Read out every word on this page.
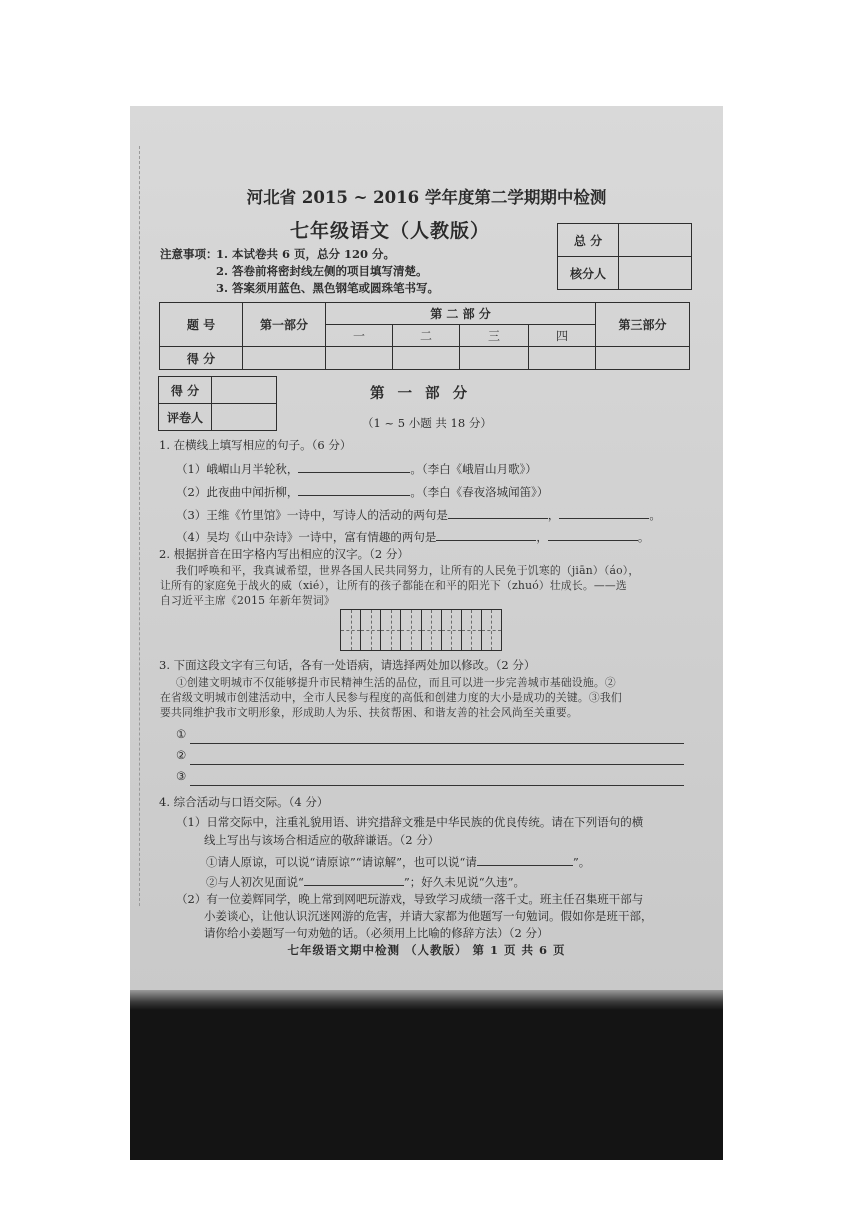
河北省 2015 ~ 2016 学年度第二学期期中检测
七年级语文（人教版）
注意事项：1. 本试卷共 6 页，总分 120 分。
2. 答卷前将密封线左侧的项目填写清楚。
3. 答案须用蓝色、黑色钢笔或圆珠笔书写。
总 分	
核分人	
题 号	第一部分	第 二 部 分				第三部分
		一	二	三	四	
得 分						
得 分	
评卷人	
第 一 部 分
（1 ~ 5 小题 共 18 分）
1. 在横线上填写相应的句子。（6 分）
（1）峨嵋山月半轮秋，	。（李白《峨眉山月歌》）
（2）此夜曲中闻折柳，	。（李白《春夜洛城闻笛》）
（3）王维《竹里馆》一诗中，写诗人的活动的两句是	，	。
（4）吴均《山中杂诗》一诗中，富有情趣的两句是	，	。
2. 根据拼音在田字格内写出相应的汉字。（2 分）
我们呼唤和平，我真诚希望，世界各国人民共同努力，让所有的人民免于饥寒的（jiān）（áo），
让所有的家庭免于战火的威（xié），让所有的孩子都能在和平的阳光下（zhuó）壮成长。——选
自习近平主席《2015 年新年贺词》
3. 下面这段文字有三句话，各有一处语病，请选择两处加以修改。（2 分）
①创建文明城市不仅能够提升市民精神生活的品位，而且可以进一步完善城市基础设施。②
在省级文明城市创建活动中，全市人民参与程度的高低和创建力度的大小是成功的关键。③我们
要共同维护我市文明形象，形成助人为乐、扶贫帮困、和谐友善的社会风尚至关重要。
①
②
③
4. 综合活动与口语交际。（4 分）
（1）日常交际中，注重礼貌用语、讲究措辞文雅是中华民族的优良传统。请在下列语句的横
线上写出与该场合相适应的敬辞谦语。（2 分）
①请人原谅，可以说“请原谅”“请谅解”，也可以说“请	”。
②与人初次见面说“	”；好久未见说“久违”。
（2）有一位姜辉同学，晚上常到网吧玩游戏，导致学习成绩一落千丈。班主任召集班干部与
小姜谈心，让他认识沉迷网游的危害，并请大家都为他题写一句勉词。假如你是班干部，
请你给小姜题写一句劝勉的话。（必须用上比喻的修辞方法）（2 分）
七年级语文期中检测 （人教版） 第 1 页 共 6 页
